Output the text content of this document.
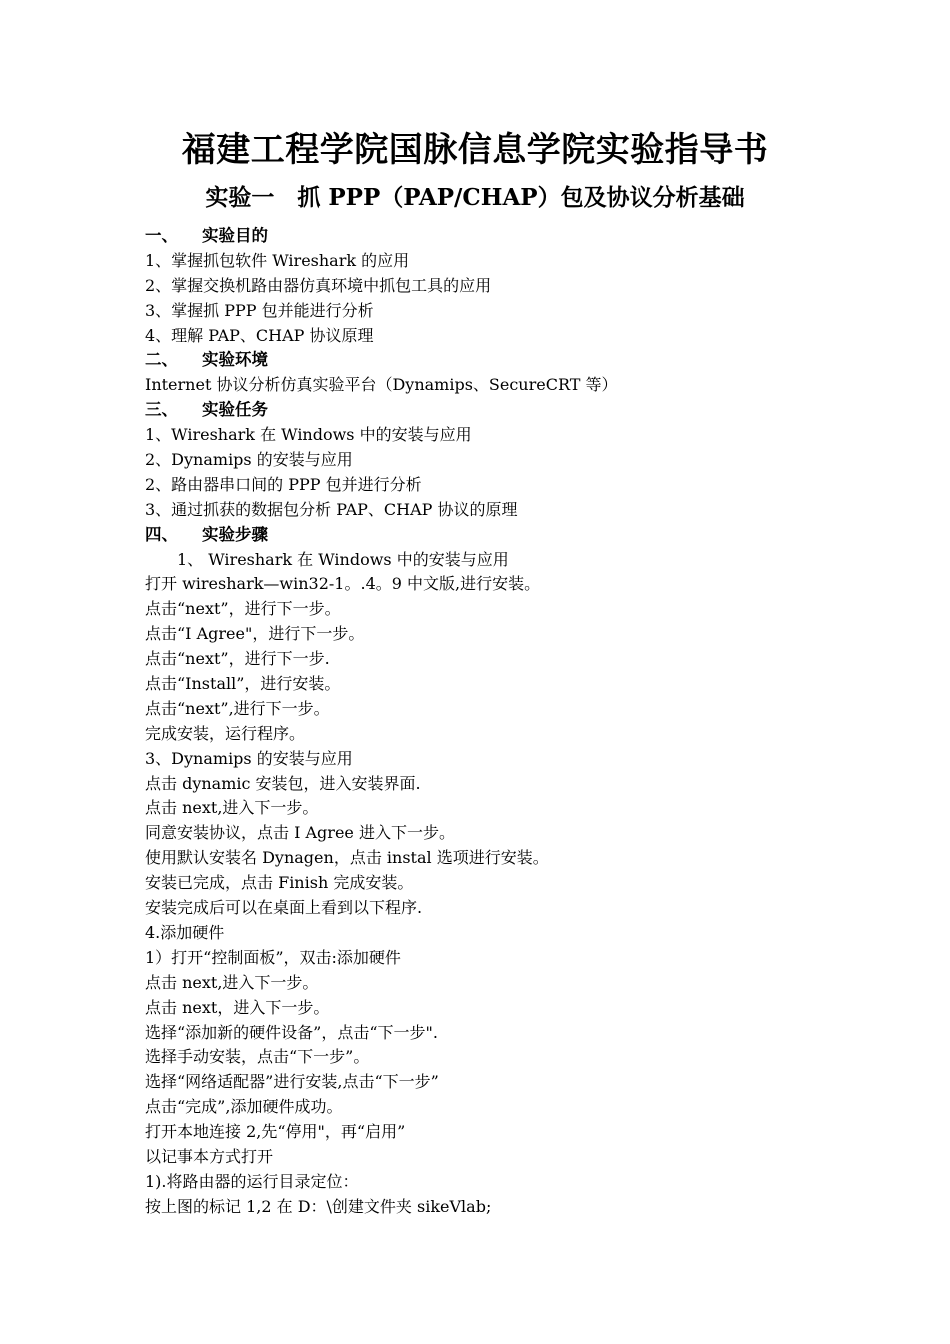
福建工程学院国脉信息学院实验指导书
实验一　抓 PPP（PAP/CHAP）包及协议分析基础
一、 实验目的
1、掌握抓包软件 Wireshark 的应用
2、掌握交换机路由器仿真环境中抓包工具的应用
3、掌握抓 PPP 包并能进行分析
4、理解 PAP、CHAP 协议原理
二、 实验环境
Internet 协议分析仿真实验平台（Dynamips、SecureCRT 等）
三、 实验任务
1、Wireshark 在 Windows 中的安装与应用
2、Dynamips 的安装与应用
2、路由器串口间的 PPP 包并进行分析
3、通过抓获的数据包分析 PAP、CHAP 协议的原理
四、 实验步骤
1、 Wireshark 在 Windows 中的安装与应用
打开 wireshark—win32-1。.4。9 中文版,进行安装。
点击“next”，进行下一步。
点击“I Agree"，进行下一步。
点击“next”，进行下一步.
点击“Install”，进行安装。
点击“next”,进行下一步。
完成安装，运行程序。
3、Dynamips 的安装与应用
点击 dynamic 安装包，进入安装界面.
点击 next,进入下一步。
同意安装协议，点击 I Agree 进入下一步。
使用默认安装名 Dynagen，点击 instal 选项进行安装。
安装已完成，点击 Finish 完成安装。
安装完成后可以在桌面上看到以下程序.
4.添加硬件
1）打开“控制面板”，双击:添加硬件
点击 next,进入下一步。
点击 next，进入下一步。
选择“添加新的硬件设备”，点击“下一步".
选择手动安装，点击“下一步”。
选择“网络适配器”进行安装,点击“下一步”
点击“完成”,添加硬件成功。
打开本地连接 2,先“停用"，再“启用”
以记事本方式打开
1).将路由器的运行目录定位：
按上图的标记 1,2 在 D：\创建文件夹 sikeVlab;
